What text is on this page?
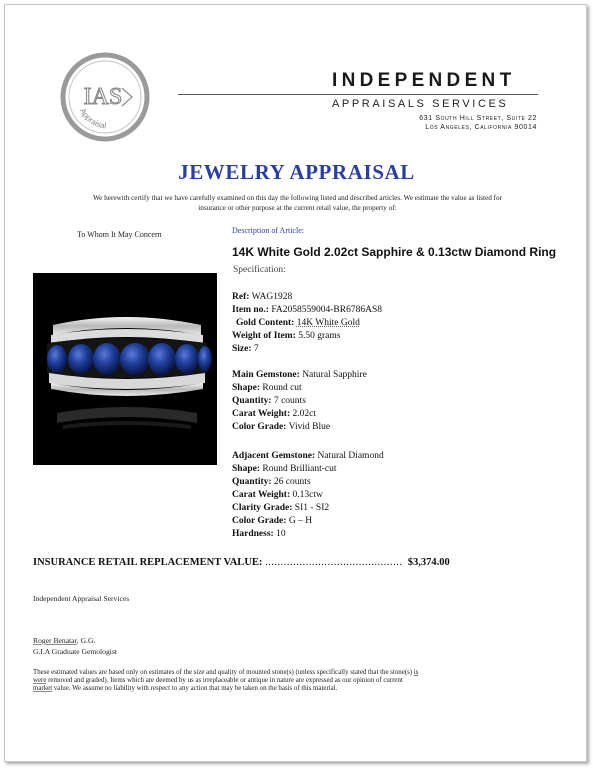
IAS
Appraisal
INDEPENDENT
APPRAISALS SERVICES
631 South Hill Street, Suite 22
Los Angeles, California 90014
JEWELRY APPRAISAL
We herewith certify that we have carefully examined on this day the following listed and described articles. We estimate the value as listed for
insurance or other purpose at the current retail value, the property of:
To Whom It May Concern	Description of Article:
14K White Gold 2.02ct Sapphire & 0.13ctw Diamond Ring
Specification:
Ref: WAG1928
Item no.: FA2058559004-BR6786AS8
Gold Content: 14K White Gold
Weight of Item: 5.50 grams
Size: 7
Main Gemstone: Natural Sapphire
Shape: Round cut
Quantity: 7 counts
Carat Weight: 2.02ct
Color Grade: Vivid Blue
Adjacent Gemstone: Natural Diamond
Shape: Round Brilliant-cut
Quantity: 26 counts
Carat Weight: 0.13ctw
Clarity Grade: SI1 - SI2
Color Grade: G – H
Hardness: 10
INSURANCE RETAIL REPLACEMENT VALUE: ............................................ $3,374.00
Independent Appraisal Services
Roger Benatar, G.G.
G.I.A Graduate Gemologist
These estimated values are based only on estimates of the size and quality of mounted stone(s) (unless specifically stated that the stone(s) is
were removed and graded). Items which are deemed by us as irreplaceable or antique in nature are expressed as our opinion of current
market value. We assume no liability with respect to any action that may be taken on the basis of this material.
